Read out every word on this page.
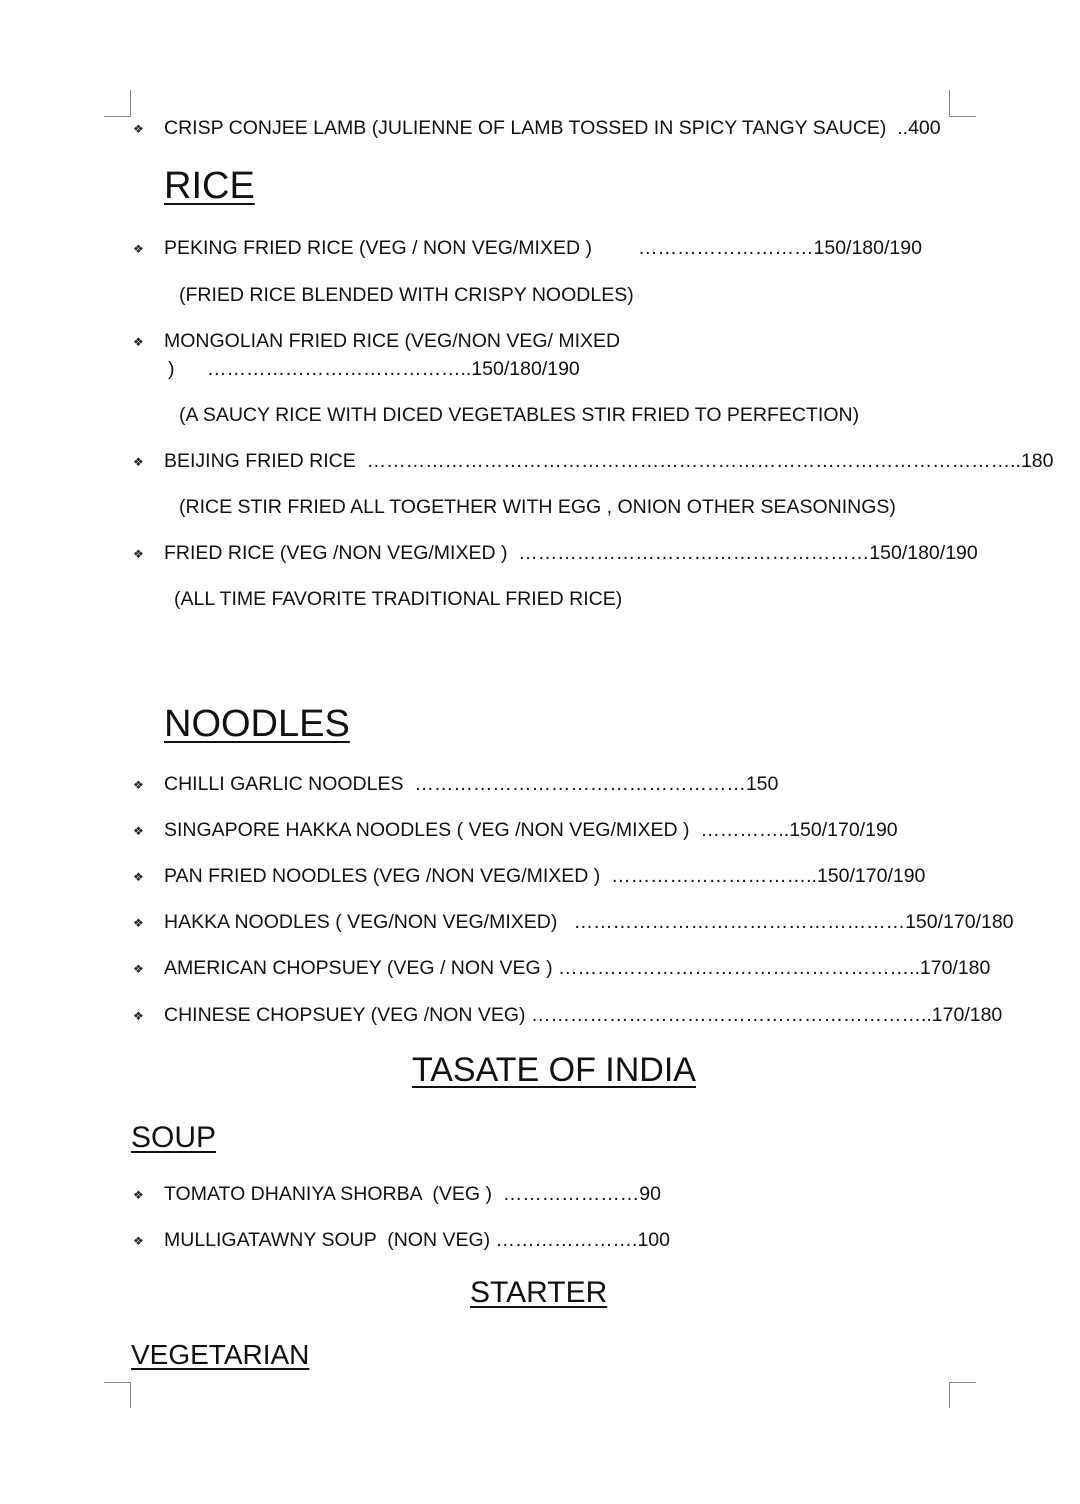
❖ CRISP CONJEE LAMB (JULIENNE OF LAMB TOSSED IN SPICY TANGY SAUCE)  ..400
RICE
❖ PEKING FRIED RICE (VEG / NON VEG/MIXED ) ………………………150/180/190
(FRIED RICE BLENDED WITH CRISPY NOODLES)
❖ MONGOLIAN FRIED RICE (VEG/NON VEG/ MIXED
)      …………………………………..150/180/190
(A SAUCY RICE WITH DICED VEGETABLES STIR FRIED TO PERFECTION)
❖ BEIJING FRIED RICE  ………………………………………………………………………………………..180
(RICE STIR FRIED ALL TOGETHER WITH EGG , ONION OTHER SEASONINGS)
❖ FRIED RICE (VEG /NON VEG/MIXED )  ………………………………………………150/180/190
(ALL TIME FAVORITE TRADITIONAL FRIED RICE)
NOODLES
❖ CHILLI GARLIC NOODLES  ……………………………………………150
❖ SINGAPORE HAKKA NOODLES ( VEG /NON VEG/MIXED )  …………..150/170/190
❖ PAN FRIED NOODLES (VEG /NON VEG/MIXED )  …………………………..150/170/190
❖ HAKKA NOODLES ( VEG/NON VEG/MIXED)   ……………………………………………150/170/180
❖ AMERICAN CHOPSUEY (VEG / NON VEG ) ………………………………………………..170/180
❖ CHINESE CHOPSUEY (VEG /NON VEG) ……………………………………………………..170/180
TASATE OF INDIA
SOUP
❖ TOMATO DHANIYA SHORBA  (VEG )  …………………90
❖ MULLIGATAWNY SOUP  (NON VEG) ………………….100
STARTER
VEGETARIAN
